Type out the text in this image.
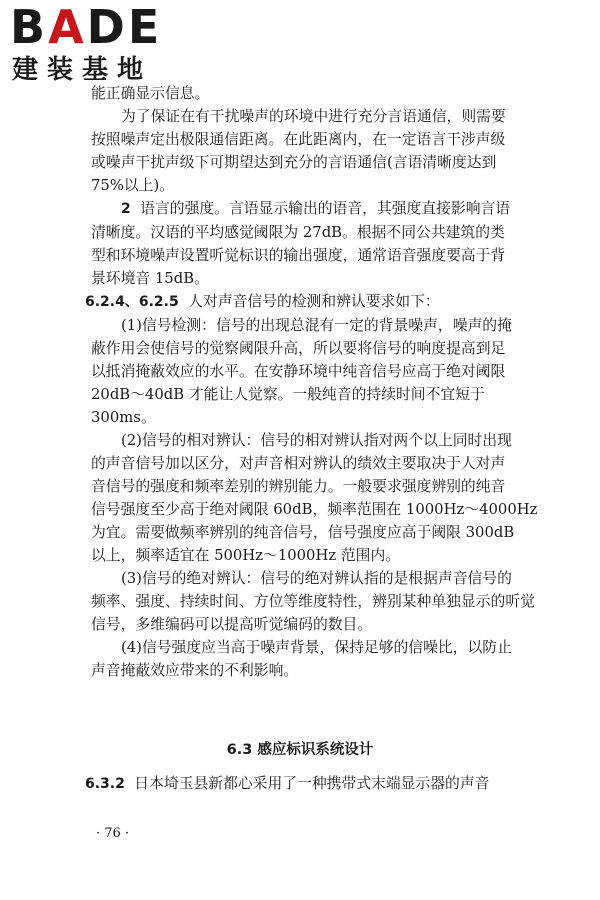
BADE
建装基地

能正确显示信息。

为了保证在有干扰噪声的环境中进行充分言语通信，则需要

按照噪声定出极限通信距离。在此距离内，在一定语言干涉声级

或噪声干扰声级下可期望达到充分的言语通信(言语清晰度达到

75%以上)。

2 语言的强度。言语显示输出的语音，其强度直接影响言语

清晰度。汉语的平均感觉阈限为 27dB。根据不同公共建筑的类

型和环境噪声设置听觉标识的输出强度，通常语音强度要高于背

景环境音 15dB。

6.2.4、6.2.5 人对声音信号的检测和辨认要求如下：

(1)信号检测：信号的出现总混有一定的背景噪声，噪声的掩

蔽作用会使信号的觉察阈限升高，所以要将信号的响度提高到足

以抵消掩蔽效应的水平。在安静环境中纯音信号应高于绝对阈限

20dB～40dB 才能让人觉察。一般纯音的持续时间不宜短于

300ms。

(2)信号的相对辨认：信号的相对辨认指对两个以上同时出现

的声音信号加以区分，对声音相对辨认的绩效主要取决于人对声

音信号的强度和频率差别的辨别能力。一般要求强度辨别的纯音

信号强度至少高于绝对阈限 60dB，频率范围在 1000Hz～4000Hz

为宜。需要做频率辨别的纯音信号，信号强度应高于阈限 300dB

以上，频率适宜在 500Hz～1000Hz 范围内。

(3)信号的绝对辨认：信号的绝对辨认指的是根据声音信号的

频率、强度、持续时间、方位等维度特性，辨别某种单独显示的听觉

信号，多维编码可以提高听觉编码的数目。

(4)信号强度应当高于噪声背景，保持足够的信噪比，以防止

声音掩蔽效应带来的不利影响。

6.3 感应标识系统设计

6.3.2 日本埼玉县新都心采用了一种携带式末端显示器的声音

· 76 ·
